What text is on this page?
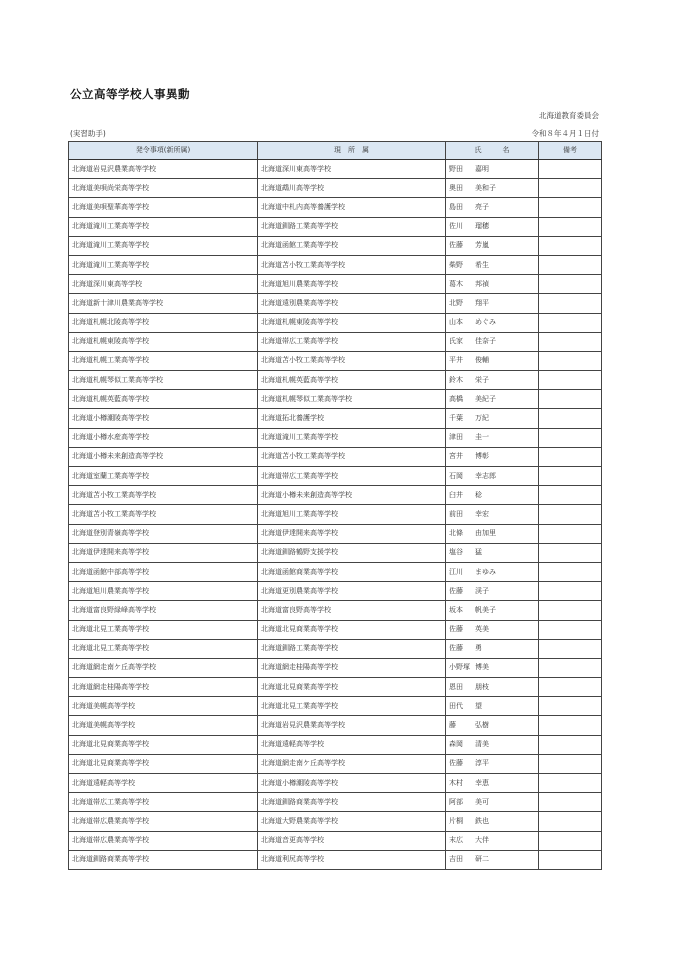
公立高等学校人事異動
北海道教育委員会
(実習助手)	令和８年４月１日付
発令事項(新所属)	現　所　属	氏　　　名	備考
北海道岩見沢農業高等学校	北海道深川東高等学校	野田 嘉明	
北海道美唄尚栄高等学校	北海道鵡川高等学校	奥田 美和子	
北海道美唄聖華高等学校	北海道中札内高等養護学校	島田 亮子	
北海道滝川工業高等学校	北海道釧路工業高等学校	佐川 瑠穂	
北海道滝川工業高等学校	北海道函館工業高等学校	佐藤 芳嵐	
北海道滝川工業高等学校	北海道苫小牧工業高等学校	柴野 希生	
北海道深川東高等学校	北海道旭川農業高等学校	葛木 邦禎	
北海道新十津川農業高等学校	北海道遠別農業高等学校	北野 翔平	
北海道札幌北陵高等学校	北海道札幌東陵高等学校	山本 めぐみ	
北海道札幌東陵高等学校	北海道帯広工業高等学校	氏家 佳奈子	
北海道札幌工業高等学校	北海道苫小牧工業高等学校	平井 俊輔	
北海道札幌琴似工業高等学校	北海道札幌英藍高等学校	鈴木 栄子	
北海道札幌英藍高等学校	北海道札幌琴似工業高等学校	高橋 美紀子	
北海道小樽潮陵高等学校	北海道拓北養護学校	千葉 万紀	
北海道小樽水産高等学校	北海道滝川工業高等学校	津田 圭一	
北海道小樽未来創造高等学校	北海道苫小牧工業高等学校	宮井 博彰	
北海道室蘭工業高等学校	北海道帯広工業高等学校	石岡 幸志郎	
北海道苫小牧工業高等学校	北海道小樽未来創造高等学校	臼井 稔	
北海道苫小牧工業高等学校	北海道旭川工業高等学校	前田 幸宏	
北海道登別青嶺高等学校	北海道伊達開来高等学校	北條 由加里	
北海道伊達開来高等学校	北海道釧路鶴野支援学校	塩谷 猛	
北海道函館中部高等学校	北海道函館商業高等学校	江川 まゆみ	
北海道旭川農業高等学校	北海道更別農業高等学校	佐藤 渓子	
北海道富良野緑峰高等学校	北海道富良野高等学校	坂本 帆美子	
北海道北見工業高等学校	北海道北見商業高等学校	佐藤 英美	
北海道北見工業高等学校	北海道釧路工業高等学校	佐藤 勇	
北海道網走南ケ丘高等学校	北海道網走桂陽高等学校	小野塚 博美	
北海道網走桂陽高等学校	北海道北見商業高等学校	恩田 朋枝	
北海道美幌高等学校	北海道北見工業高等学校	田代 望	
北海道美幌高等学校	北海道岩見沢農業高等学校	藤 弘樹	
北海道北見商業高等学校	北海道遠軽高等学校	森岡 清美	
北海道北見商業高等学校	北海道網走南ケ丘高等学校	佐藤 淳平	
北海道遠軽高等学校	北海道小樽潮陵高等学校	木村 幸恵	
北海道帯広工業高等学校	北海道釧路商業高等学校	阿部 美可	
北海道帯広農業高等学校	北海道大野農業高等学校	片桐 鉄也	
北海道帯広農業高等学校	北海道音更高等学校	末広 大伴	
北海道釧路商業高等学校	北海道利尻高等学校	吉田 研二	
